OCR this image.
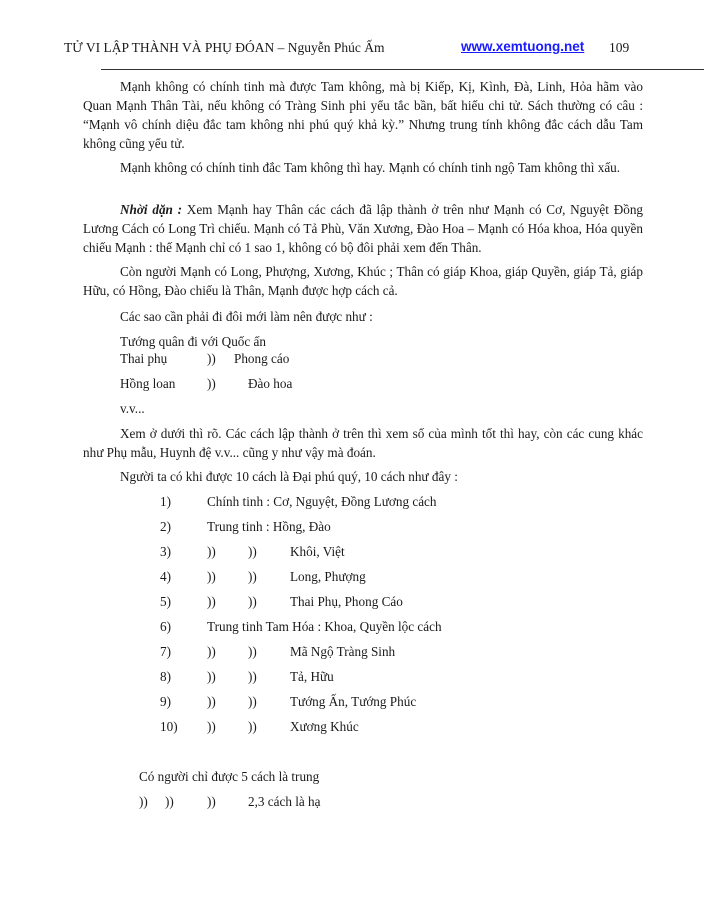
TỬ VI LẬP THÀNH VÀ PHỤ ĐÓAN – Nguyễn Phúc Ấm	www.xemtuong.net 109
Mạnh không có chính tinh mà được Tam không, mà bị Kiếp, Kị, Kình, Đà, Linh, Hỏa hãm vào Quan Mạnh Thân Tài, nếu không có Tràng Sinh phi yểu tắc bần, bất hiếu chi tử. Sách thường có câu : “Mạnh vô chính diệu đắc tam không nhi phú quý khả kỳ.” Nhưng trung tính không đắc cách dẫu Tam không cũng yểu tử.
Mạnh không có chính tinh đắc Tam không thì hay. Mạnh có chính tinh ngộ Tam không thì xấu.
Nhời dặn : Xem Mạnh hay Thân các cách đã lập thành ở trên như Mạnh có Cơ, Nguyệt Đồng Lương Cách có Long Trì chiếu. Mạnh có Tả Phù, Văn Xương, Đào Hoa – Mạnh có Hóa khoa, Hóa quyền chiếu Mạnh : thế Mạnh chỉ có 1 sao 1, không có bộ đôi phải xem đến Thân.
Còn người Mạnh có Long, Phượng, Xương, Khúc ; Thân có giáp Khoa, giáp Quyền, giáp Tả, giáp Hữu, có Hồng, Đào chiếu là Thân, Mạnh được hợp cách cả.
Các sao cần phải đi đôi mới làm nên được như :
Tướng quân đi với Quốc ấn
Thai phụ	)) Phong cáo
Hồng loan )) Đào hoa
v.v...
Xem ở dưới thì rõ. Các cách lập thành ở trên thì xem số của mình tốt thì hay, còn các cung khác như Phụ mẫu, Huynh đệ v.v... cũng y như vậy mà đoán.
Người ta có khi được 10 cách là Đại phú quý, 10 cách như đây :
1)	Chính tinh : Cơ, Nguyệt, Đồng Lương cách
2)	Trung tinh : Hồng, Đào
3)	)) ))	Khôi, Việt
4)	)) ))	Long, Phượng
5)	)) ))	Thai Phụ, Phong Cáo
6)	Trung tinh Tam Hóa : Khoa, Quyền lộc cách
7)	)) ))	Mã Ngộ Tràng Sinh
8)	)) ))	Tả, Hữu
9)	)) ))	Tướng Ấn, Tướng Phúc
10) )) ))	Xương Khúc
Có người chỉ được 5 cách là trung
)) ))	)) 2,3 cách là hạ
